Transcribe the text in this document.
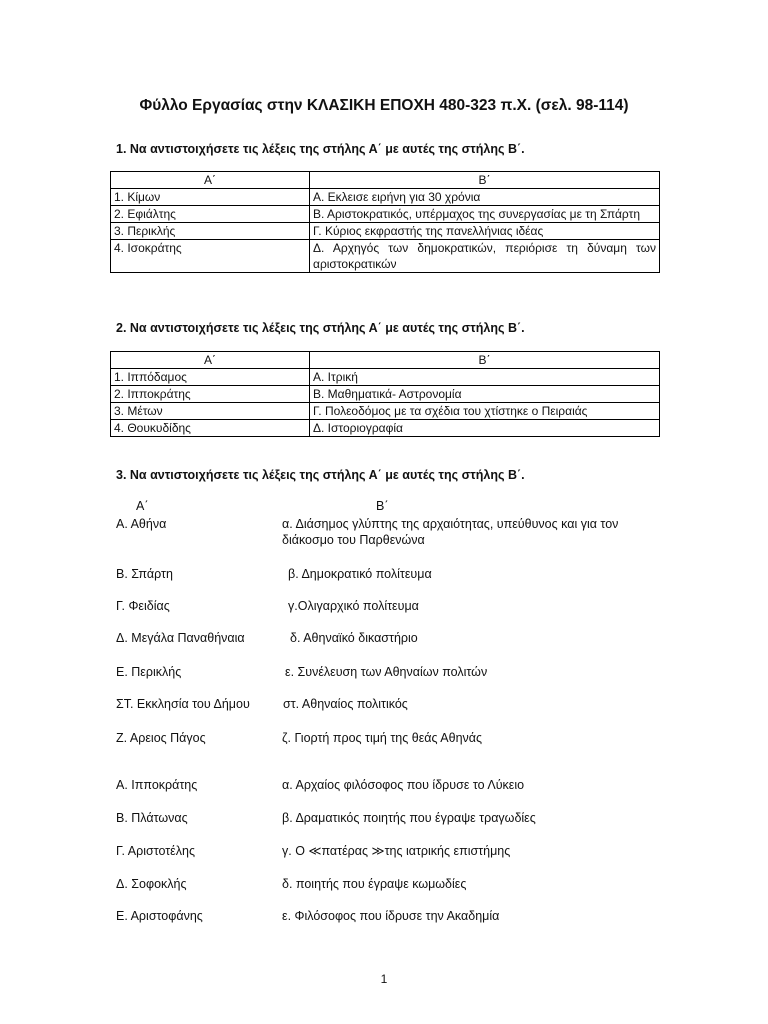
Φύλλο Εργασίας στην ΚΛΑΣΙΚΗ ΕΠΟΧΗ 480-323 π.Χ. (σελ. 98-114)
1. Να αντιστοιχήσετε τις λέξεις της στήλης Α΄ με αυτές της στήλης Β΄.
Α΄	Β΄
1. Κίμων	Α. Εκλεισε ειρήνη για 30 χρόνια
2. Εφιάλτης	Β. Αριστοκρατικός, υπέρμαχος της συνεργασίας με τη Σπάρτη
3. Περικλής	Γ. Κύριος εκφραστής της πανελλήνιας ιδέας
4. Ισοκράτης	Δ. Αρχηγός των δημοκρατικών, περιόρισε τη δύναμη των αριστοκρατικών
2. Να αντιστοιχήσετε τις λέξεις της στήλης Α΄ με αυτές της στήλης Β΄.
Α΄	Β΄
1. Ιππόδαμος	Α. Ιτρική
2. Ιπποκράτης	Β. Μαθηματικά- Αστρονομία
3. Μέτων	Γ. Πολεοδόμος με τα σχέδια του χτίστηκε ο Πειραιάς
4. Θουκυδίδης	Δ. Ιστοριογραφία
3. Να αντιστοιχήσετε τις λέξεις της στήλης Α΄ με αυτές της στήλης Β΄.
Α΄	Β΄
Α. Αθήνα	α. Διάσημος γλύπτης της αρχαιότητας, υπεύθυνος και για τον
διάκοσμο του Παρθενώνα
Β. Σπάρτη	β. Δημοκρατικό πολίτευμα
Γ. Φειδίας	γ.Ολιγαρχικό πολίτευμα
Δ. Μεγάλα Παναθήναια	δ. Αθηναϊκό δικαστήριο
Ε. Περικλής	ε. Συνέλευση των Αθηναίων πολιτών
ΣΤ. Εκκλησία του Δήμου	στ. Αθηναίος πολιτικός
Ζ. Αρειος Πάγος	ζ. Γιορτή προς τιμή της θεάς Αθηνάς
Α. Ιπποκράτης	α. Αρχαίος φιλόσοφος που ίδρυσε το Λύκειο
Β. Πλάτωνας	β. Δραματικός ποιητής που έγραψε τραγωδίες
Γ. Αριστοτέλης	γ. Ο ≪πατέρας ≫της ιατρικής επιστήμης
Δ. Σοφοκλής	δ. ποιητής που έγραψε κωμωδίες
Ε. Αριστοφάνης	ε. Φιλόσοφος που ίδρυσε την Ακαδημία
1
